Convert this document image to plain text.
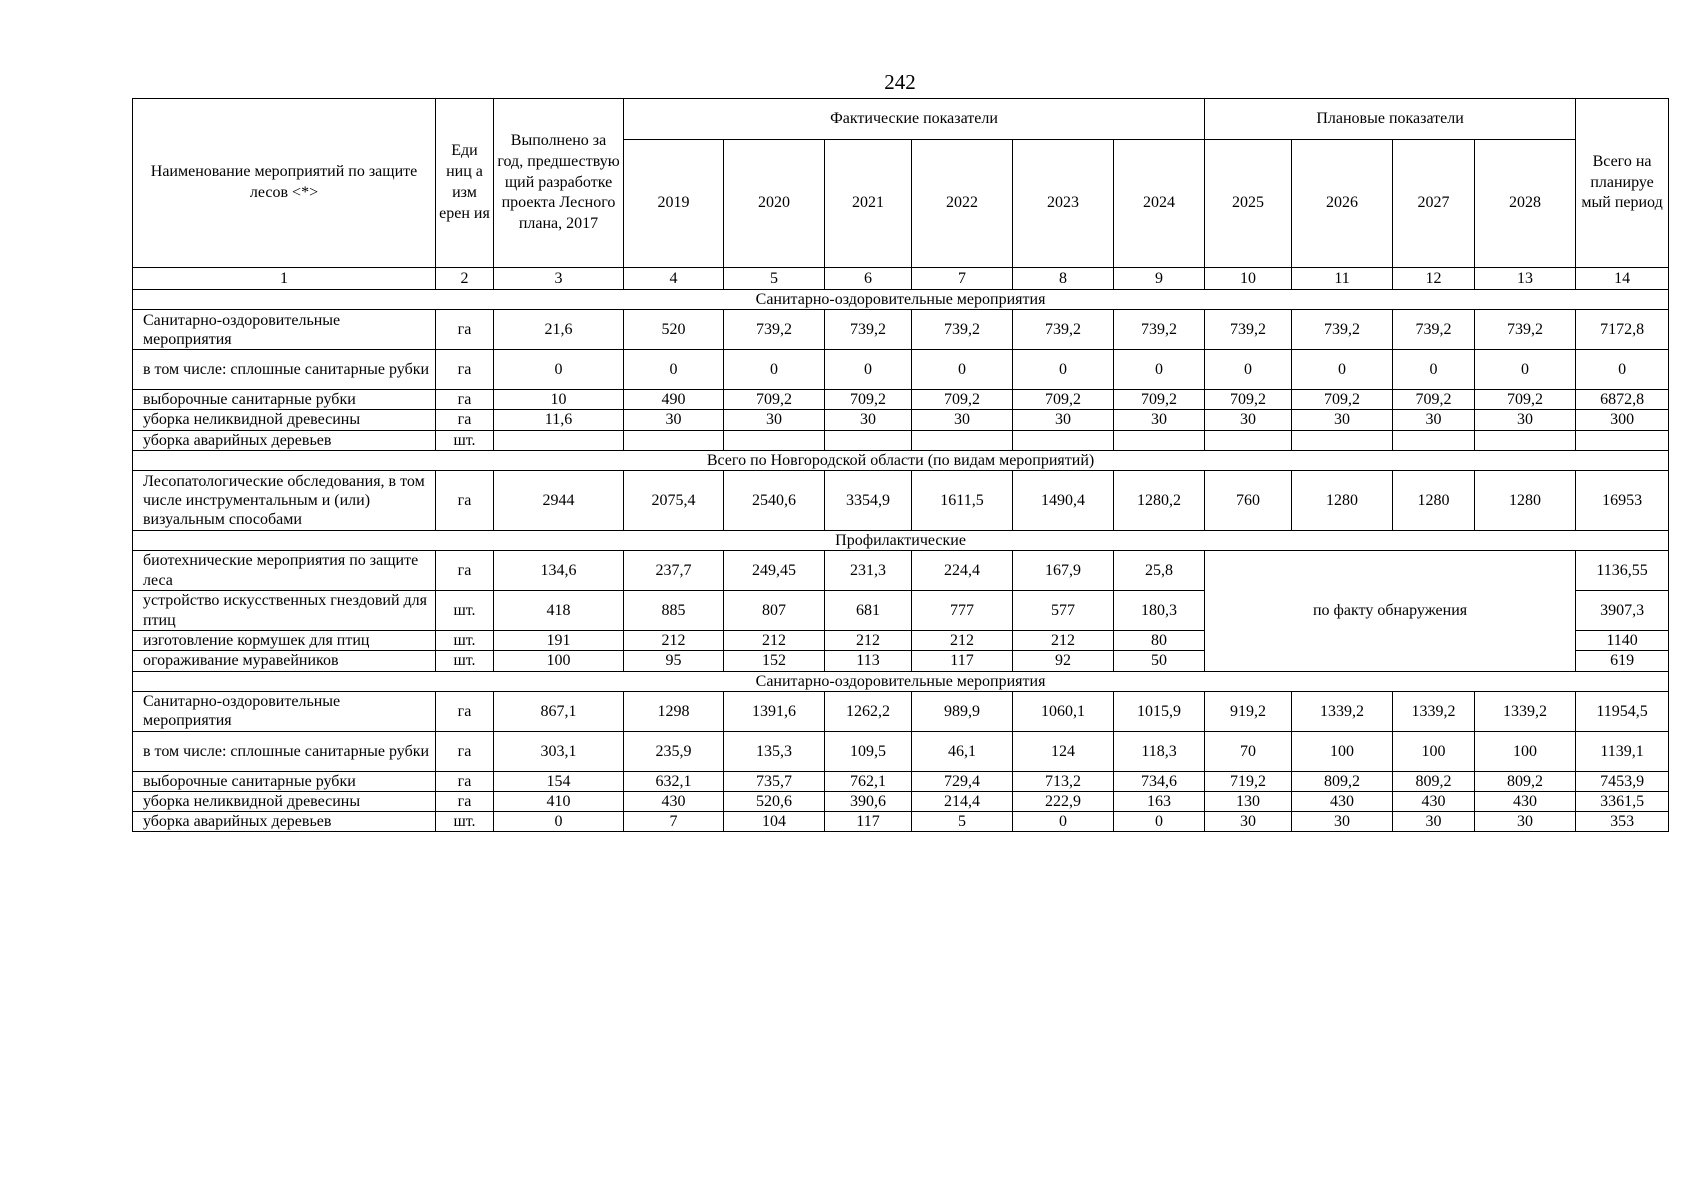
242
Наименование мероприятий по защите лесов <*>	Еди ниц а изм ерен ия	Выполнено за год, предшествую щий разработке проекта Лесного плана, 2017	Фактические показатели						Плановые показатели				Всего на планируе мый период
			2019	2020	2021	2022	2023	2024	2025	2026	2027	2028	
1	2	3	4	5	6	7	8	9	10	11	12	13	14
Санитарно-оздоровительные мероприятия													
Санитарно-оздоровительные мероприятия	га	21,6	520	739,2	739,2	739,2	739,2	739,2	739,2	739,2	739,2	739,2	7172,8
в том числе: сплошные санитарные рубки	га	0	0	0	0	0	0	0	0	0	0	0	0
выборочные санитарные рубки	га	10	490	709,2	709,2	709,2	709,2	709,2	709,2	709,2	709,2	709,2	6872,8
уборка неликвидной древесины	га	11,6	30	30	30	30	30	30	30	30	30	30	300
уборка аварийных деревьев	шт.												
Всего по Новгородской области (по видам мероприятий)													
Лесопатологические обследования, в том числе инструментальным и (или) визуальным способами	га	2944	2075,4	2540,6	3354,9	1611,5	1490,4	1280,2	760	1280	1280	1280	16953
Профилактические													
биотехнические мероприятия по защите леса	га	134,6	237,7	249,45	231,3	224,4	167,9	25,8	по факту обнаружения				1136,55
устройство искусственных гнездовий для птиц	шт.	418	885	807	681	777	577	180,3					3907,3
изготовление кормушек для птиц	шт.	191	212	212	212	212	212	80					1140
огораживание муравейников	шт.	100	95	152	113	117	92	50					619
Санитарно-оздоровительные мероприятия													
Санитарно-оздоровительные мероприятия	га	867,1	1298	1391,6	1262,2	989,9	1060,1	1015,9	919,2	1339,2	1339,2	1339,2	11954,5
в том числе: сплошные санитарные рубки	га	303,1	235,9	135,3	109,5	46,1	124	118,3	70	100	100	100	1139,1
выборочные санитарные рубки	га	154	632,1	735,7	762,1	729,4	713,2	734,6	719,2	809,2	809,2	809,2	7453,9
уборка неликвидной древесины	га	410	430	520,6	390,6	214,4	222,9	163	130	430	430	430	3361,5
уборка аварийных деревьев	шт.	0	7	104	117	5	0	0	30	30	30	30	353
